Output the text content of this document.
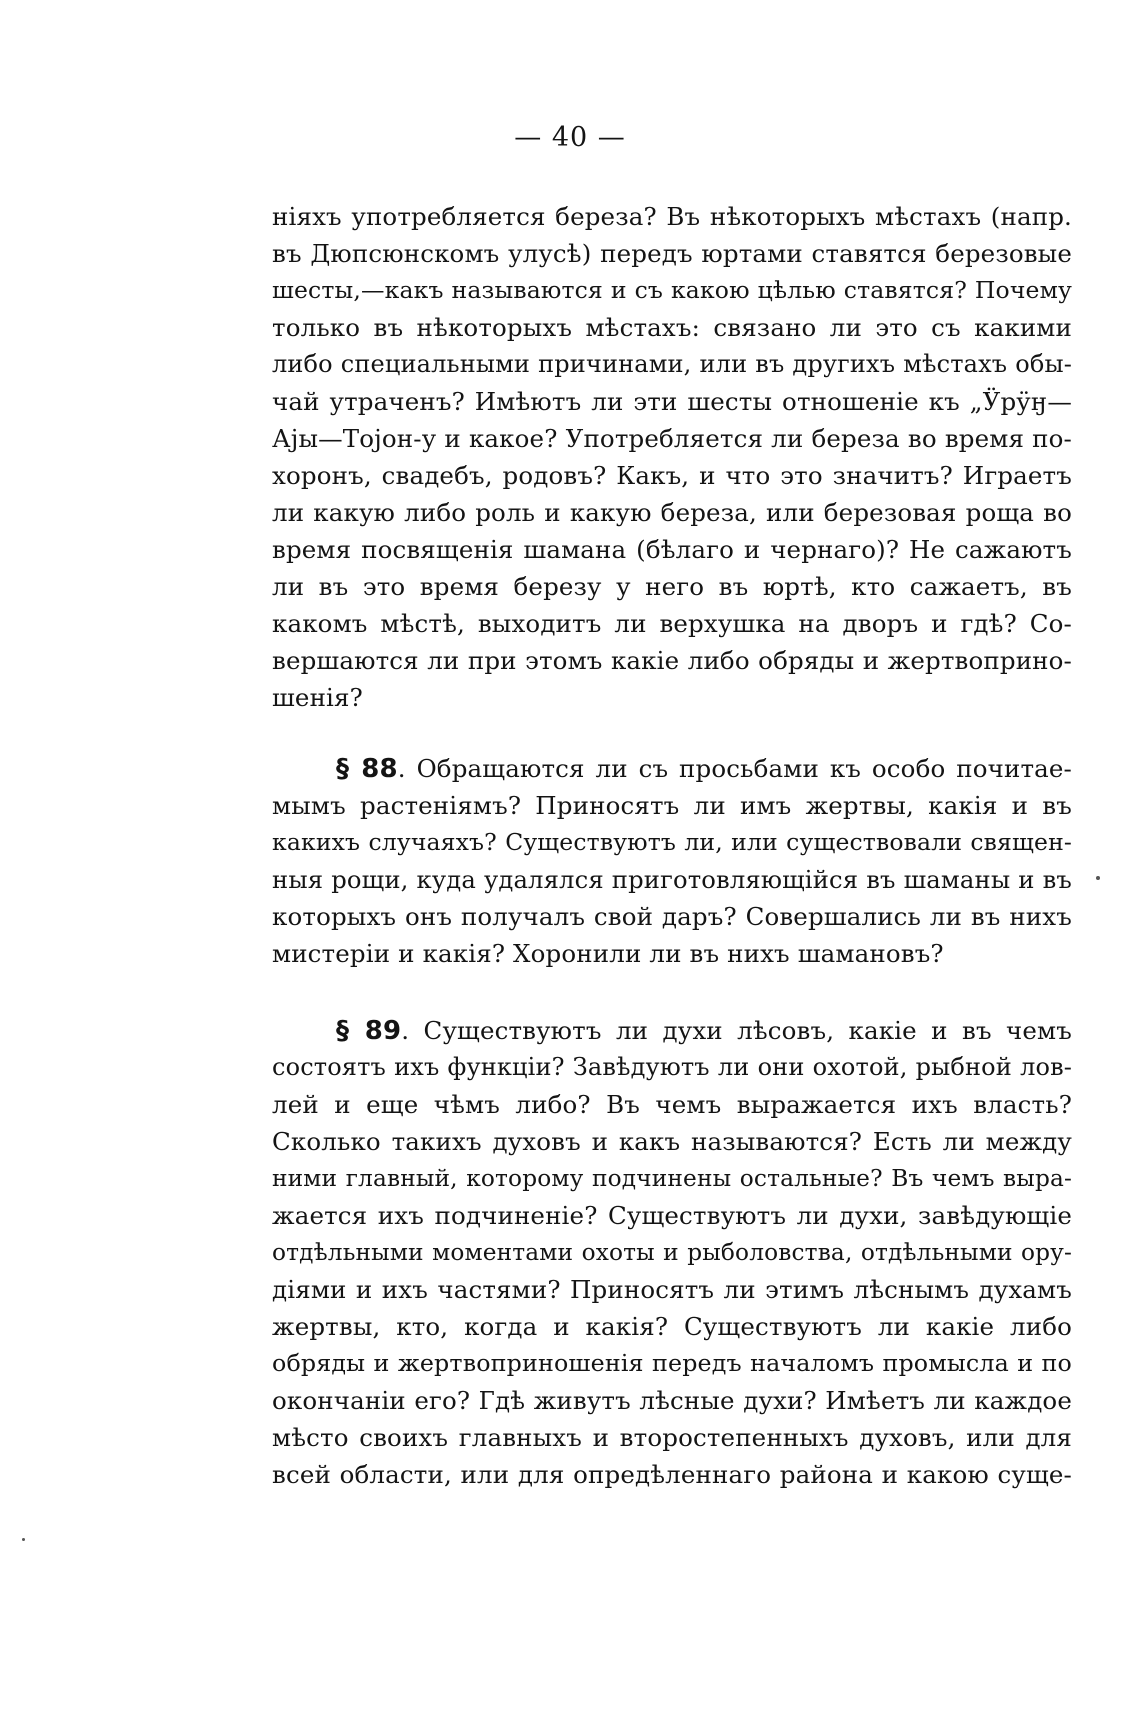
— 40 —
ніяхъ употребляется береза? Въ нѣкоторыхъ мѣстахъ (напр.
въ Дюпсюнскомъ улусѣ) передъ юртами ставятся березовые
шесты,—какъ называются и съ какою цѣлью ставятся? Почему
только въ нѣкоторыхъ мѣстахъ: связано ли это съ какими
либо специальными причинами, или въ другихъ мѣстахъ обы-
чай утраченъ? Имѣютъ ли эти шесты отношеніе къ „Ӱрӱӈ—
Ајы—Тојон-у и какое? Употребляется ли береза во время по-
хоронъ, свадебъ, родовъ? Какъ, и что это значитъ? Играетъ
ли какую либо роль и какую береза, или березовая роща во
время посвященія шамана (бѣлаго и чернаго)? Не сажаютъ
ли въ это время березу у него въ юртѣ, кто сажаетъ, въ
какомъ мѣстѣ, выходитъ ли верхушка на дворъ и гдѣ? Со-
вершаются ли при этомъ какіе либо обряды и жертвоприно-
шенія?
§ 88. Обращаются ли съ просьбами къ особо почитае-
мымъ растеніямъ? Приносятъ ли имъ жертвы, какія и въ
какихъ случаяхъ? Существуютъ ли, или существовали священ-
ныя рощи, куда удалялся приготовляющійся въ шаманы и въ
которыхъ онъ получалъ свой даръ? Совершались ли въ нихъ
мистеріи и какія? Хоронили ли въ нихъ шамановъ?
§ 89. Существуютъ ли духи лѣсовъ, какіе и въ чемъ
состоятъ ихъ функціи? Завѣдуютъ ли они охотой, рыбной лов-
лей и еще чѣмъ либо? Въ чемъ выражается ихъ власть?
Сколько такихъ духовъ и какъ называются? Есть ли между
ними главный, которому подчинены остальные? Въ чемъ выра-
жается ихъ подчиненіе? Существуютъ ли духи, завѣдующіе
отдѣльными моментами охоты и рыболовства, отдѣльными ору-
діями и ихъ частями? Приносятъ ли этимъ лѣснымъ духамъ
жертвы, кто, когда и какія? Существуютъ ли какіе либо
обряды и жертвоприношенія передъ началомъ промысла и по
окончаніи его? Гдѣ живутъ лѣсные духи? Имѣетъ ли каждое
мѣсто своихъ главныхъ и второстепенныхъ духовъ, или для
всей области, или для опредѣленнаго района и какою суще-
